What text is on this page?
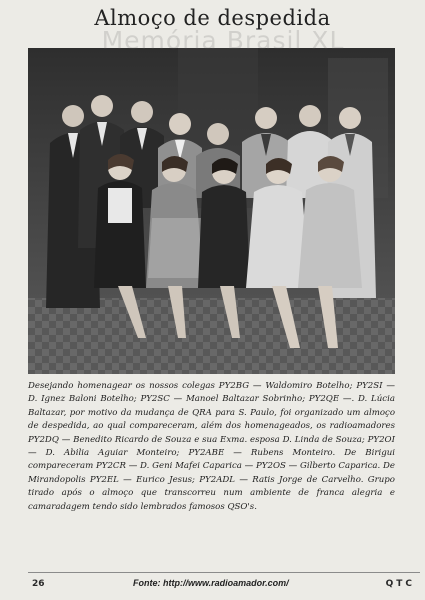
Memória Brasil XL
Almoço de despedida

Desejando homenagear os nossos colegas PY2BG — Waldomiro Botelho; PY2SI — D. Ignez Baloni Botelho; PY2SC — Manoel Baltazar Sobrinho; PY2QE —. D. Lúcia Baltazar, por motivo da mudança de QRA para S. Paulo, foi organizado um almoço de despedida, ao qual compareceram, além dos homenageados, os radioamadores PY2DQ — Benedito Ricardo de Souza e sua Exma. esposa D. Linda de Souza; PY2OI — D. Abilia Aguiar Monteiro; PY2ABE — Rubens Monteiro. De Birigui compareceram PY2CR — D. Geni Mafei Caparica — PY2OS — Gilberto Caparica. De Mirandopolis PY2EL — Eurico Jesus; PY2ADL — Ratis Jorge de Carvelho. Grupo tirado após o almoço que transcorreu num ambiente de franca alegria e camaradagem tendo sido lembrados famosos QSO's.

26	Fonte: http://www.radioamador.com/	QTC
